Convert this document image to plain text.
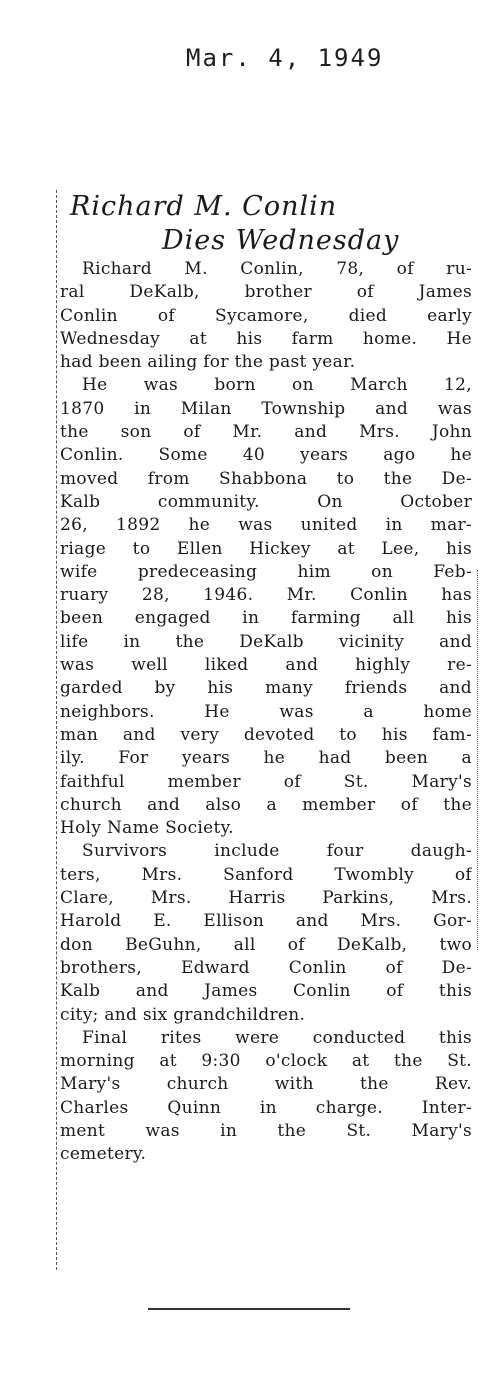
Mar. 4, 1949
Richard M. Conlin
Dies Wednesday

Richard M. Conlin, 78, of ru-
ral DeKalb, brother of James
Conlin of Sycamore, died early
Wednesday at his farm home. He
had been ailing for the past year.

He was born on March 12,
1870 in Milan Township and was
the son of Mr. and Mrs. John
Conlin. Some 40 years ago he
moved from Shabbona to the De-
Kalb community. On October
26, 1892 he was united in mar-
riage to Ellen Hickey at Lee, his
wife predeceasing him on Feb-
ruary 28, 1946. Mr. Conlin has
been engaged in farming all his
life in the DeKalb vicinity and
was well liked and highly re-
garded by his many friends and
neighbors. He was a home
man and very devoted to his fam-
ily. For years he had been a
faithful member of St. Mary's
church and also a member of the
Holy Name Society.

Survivors include four daugh-
ters, Mrs. Sanford Twombly of
Clare, Mrs. Harris Parkins, Mrs.
Harold E. Ellison and Mrs. Gor-
don BeGuhn, all of DeKalb, two
brothers, Edward Conlin of De-
Kalb and James Conlin of this
city; and six grandchildren.

Final rites were conducted this
morning at 9:30 o'clock at the St.
Mary's church with the Rev.
Charles Quinn in charge. Inter-
ment was in the St. Mary's
cemetery.
